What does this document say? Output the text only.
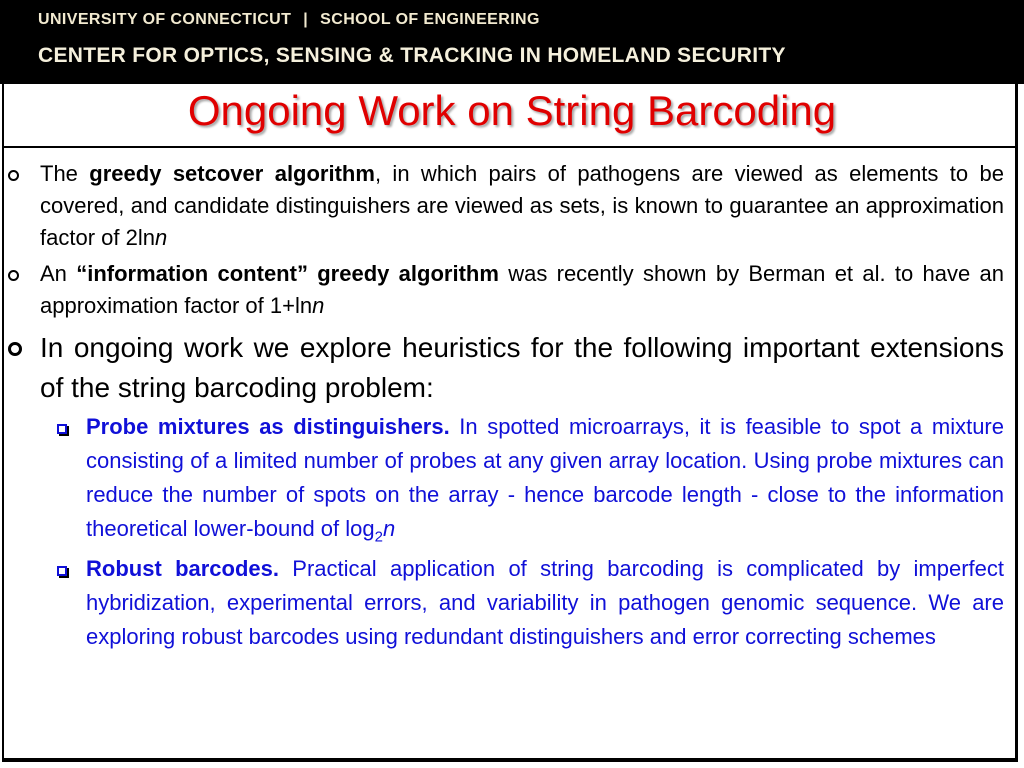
UNIVERSITY OF CONNECTICUT | SCHOOL OF ENGINEERING
CENTER FOR OPTICS, SENSING & TRACKING IN HOMELAND SECURITY
Ongoing Work on String Barcoding
The greedy setcover algorithm, in which pairs of pathogens are viewed as elements to be covered, and candidate distinguishers are viewed as sets, is known to guarantee an approximation factor of 2lnn
An “information content” greedy algorithm was recently shown by Berman et al. to have an approximation factor of 1+lnn
In ongoing work we explore heuristics for the following important extensions of the string barcoding problem:
Probe mixtures as distinguishers. In spotted microarrays, it is feasible to spot a mixture consisting of a limited number of probes at any given array location. Using probe mixtures can reduce the number of spots on the array - hence barcode length - close to the information theoretical lower-bound of $\log_2n$
Robust barcodes. Practical application of string barcoding is complicated by imperfect hybridization, experimental errors, and variability in pathogen genomic sequence. We are exploring robust barcodes using redundant distinguishers and error correcting schemes
